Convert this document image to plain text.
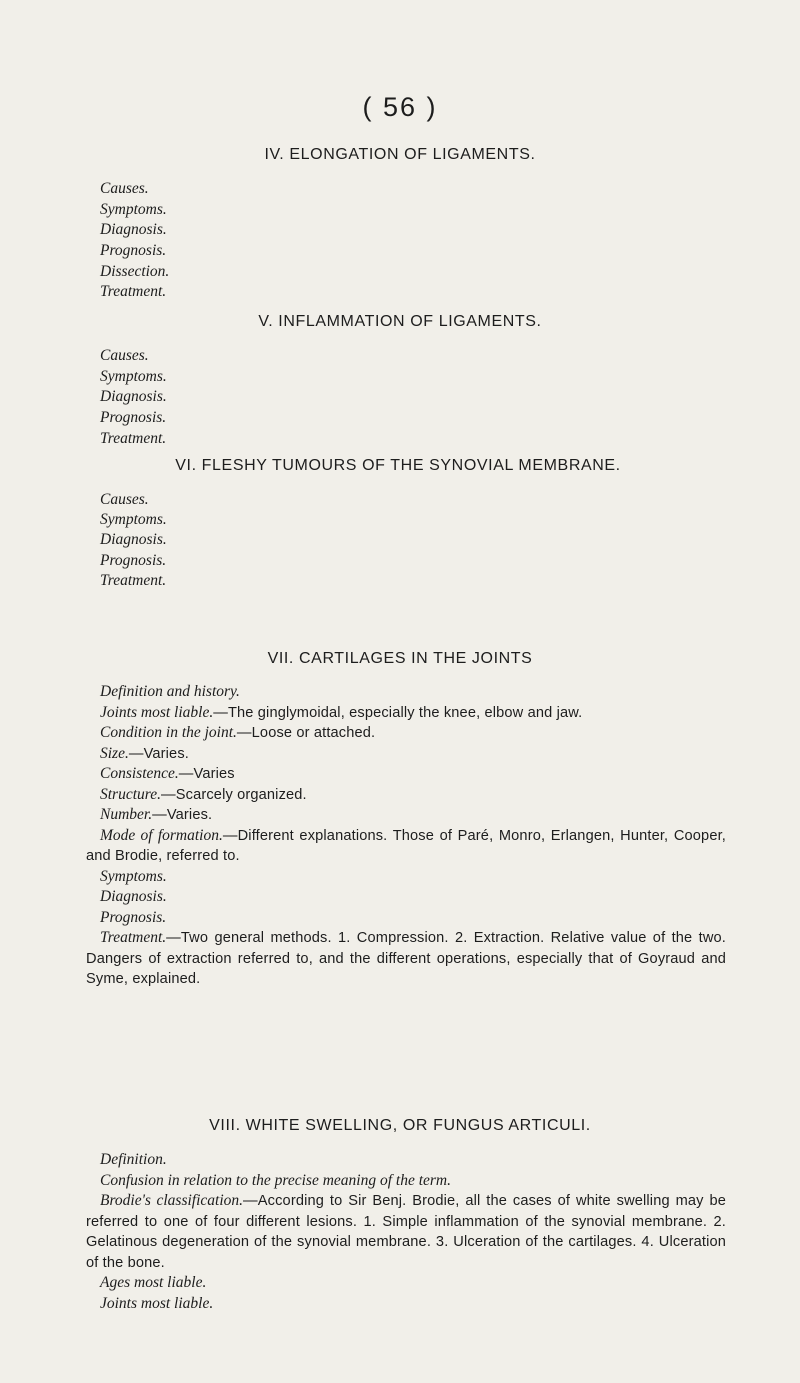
( 56 )
IV. ELONGATION OF LIGAMENTS.
Causes.
Symptoms.
Diagnosis.
Prognosis.
Dissection.
Treatment.
V. INFLAMMATION OF LIGAMENTS.
Causes.
Symptoms.
Diagnosis.
Prognosis.
Treatment.
VI. FLESHY TUMOURS OF THE SYNOVIAL MEMBRANE.
Causes.
Symptoms.
Diagnosis.
Prognosis.
Treatment.
VII. CARTILAGES IN THE JOINTS

Definition and history.

Joints most liable.—The ginglymoidal, especially the knee, elbow and jaw.

Condition in the joint.—Loose or attached.

Size.—Varies.

Consistence.—Varies

Structure.—Scarcely organized.

Number.—Varies.

Mode of formation.—Different explanations. Those of Paré, Monro, Erlangen, Hunter, Cooper, and Brodie, referred to.

Symptoms.

Diagnosis.

Prognosis.

Treatment.—Two general methods. 1. Compression. 2. Extraction. Relative value of the two. Dangers of extraction referred to, and the different operations, especially that of Goyraud and Syme, explained.

VIII. WHITE SWELLING, OR FUNGUS ARTICULI.

Definition.

Confusion in relation to the precise meaning of the term.

Brodie's classification.—According to Sir Benj. Brodie, all the cases of white swelling may be referred to one of four different lesions. 1. Simple inflammation of the synovial membrane. 2. Gelatinous degeneration of the synovial membrane. 3. Ulceration of the cartilages. 4. Ulceration of the bone.

Ages most liable.

Joints most liable.
